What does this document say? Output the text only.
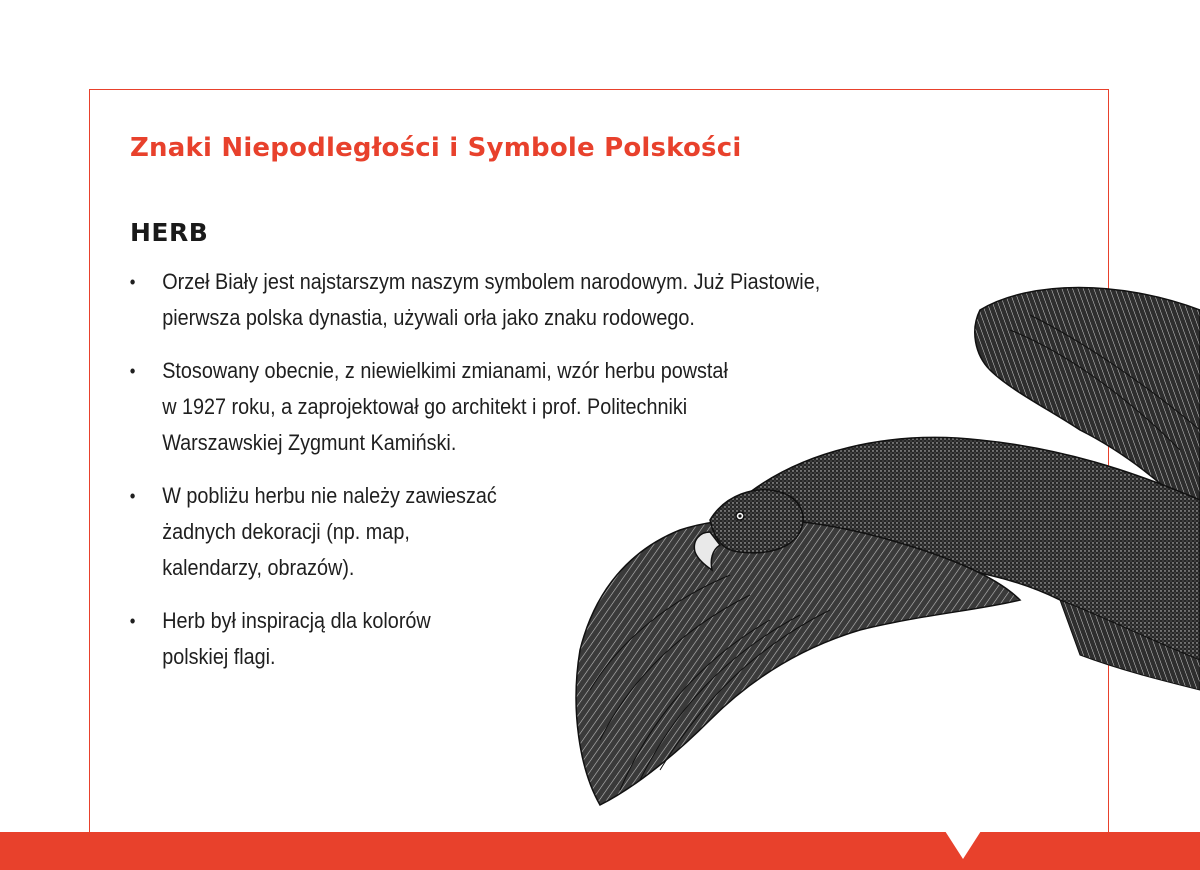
Znaki Niepodległości i Symbole Polskości
HERB
• Orzeł Biały jest najstarszym naszym symbolem narodowym. Już Piastowie,
pierwsza polska dynastia, używali orła jako znaku rodowego.
• Stosowany obecnie, z niewielkimi zmianami, wzór herbu powstał
w 1927 roku, a zaprojektował go architekt i prof. Politechniki
Warszawskiej Zygmunt Kamiński.
• W pobliżu herbu nie należy zawieszać
żadnych dekoracji (np. map,
kalendarzy, obrazów).
• Herb był inspiracją dla kolorów
polskiej flagi.
